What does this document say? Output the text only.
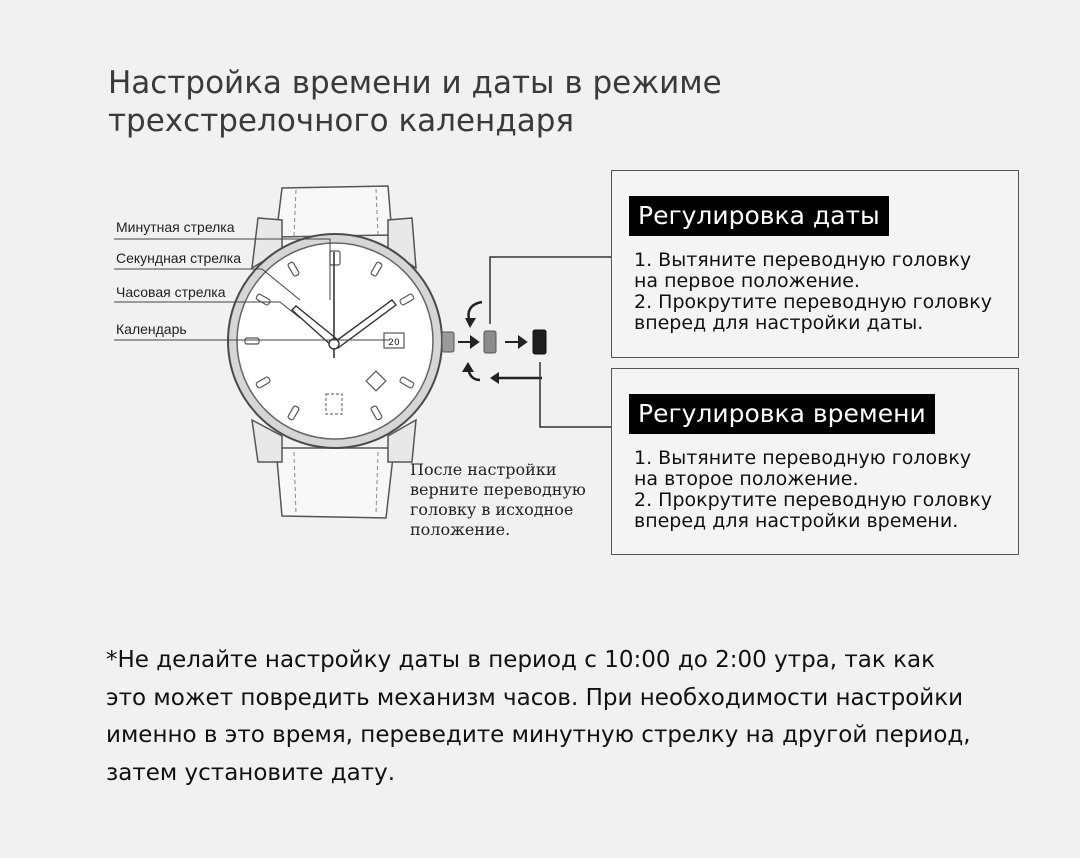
Настройка времени и даты в режиме
трехстрелочного календаря
20
Минутная стрелка
Секундная стрелка
Часовая стрелка
Календарь
Регулировка даты
1. Вытяните переводную головку
на первое положение.
2. Прокрутите переводную головку
вперед для настройки даты.
Регулировка времени
1. Вытяните переводную головку
на второе положение.
2. Прокрутите переводную головку
вперед для настройки времени.
После настройки
верните переводную
головку в исходное
положение.
*Не делайте настройку даты в период с 10:00 до 2:00 утра, так как
это может повредить механизм часов. При необходимости настройки
именно в это время, переведите минутную стрелку на другой период,
затем установите дату.
